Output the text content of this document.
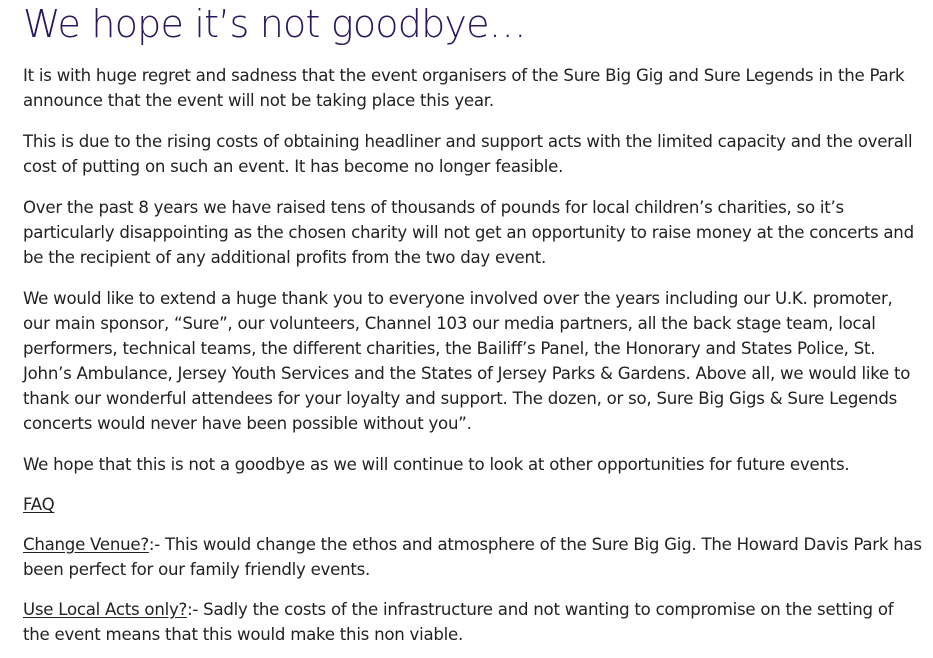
We hope it’s not goodbye…

It is with huge regret and sadness that the event organisers of the Sure Big Gig and Sure Legends in the Park announce that the event will not be taking place this year.

This is due to the rising costs of obtaining headliner and support acts with the limited capacity and the overall cost of putting on such an event. It has become no longer feasible.

Over the past 8 years we have raised tens of thousands of pounds for local children’s charities, so it’s particularly disappointing as the chosen charity will not get an opportunity to raise money at the concerts and be the recipient of any additional profits from the two day event.

We would like to extend a huge thank you to everyone involved over the years including our U.K. promoter, our main sponsor, “Sure”, our volunteers, Channel 103 our media partners, all the back stage team, local performers, technical teams, the different charities, the Bailiff’s Panel, the Honorary and States Police, St. John’s Ambulance, Jersey Youth Services and the States of Jersey Parks & Gardens. Above all, we would like to thank our wonderful attendees for your loyalty and support. The dozen, or so, Sure Big Gigs & Sure Legends concerts would never have been possible without you”.

We hope that this is not a goodbye as we will continue to look at other opportunities for future events.

FAQ

Change Venue?:- This would change the ethos and atmosphere of the Sure Big Gig. The Howard Davis Park has been perfect for our family friendly events.

Use Local Acts only?:- Sadly the costs of the infrastructure and not wanting to compromise on the setting of the event means that this would make this non viable.
